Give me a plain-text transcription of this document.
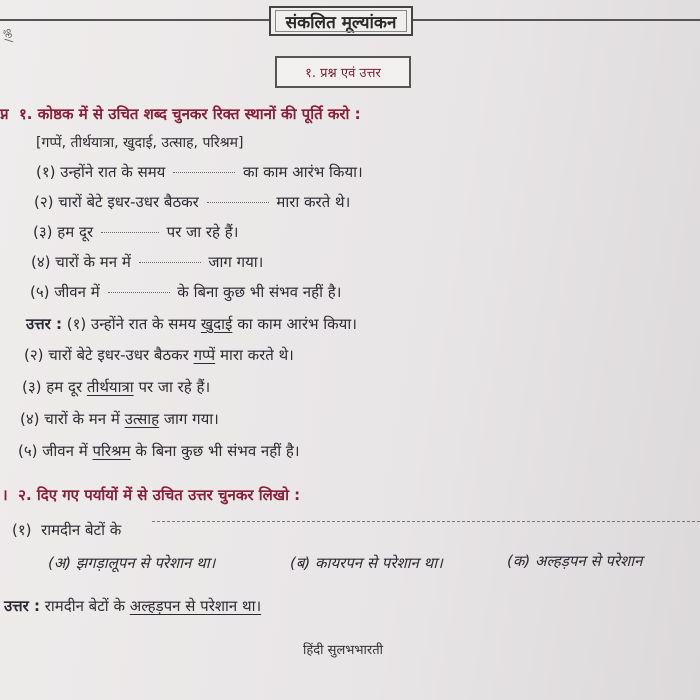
/ॐ
संकलित मूल्यांकन
१. प्रश्न एवं उत्तर
प्न १. कोष्ठक में से उचित शब्द चुनकर रिक्त स्थानों की पूर्ति करो :
[गप्पें, तीर्थयात्रा, खुदाई, उत्साह, परिश्रम]
(१) उन्होंने रात के समय	का काम आरंभ किया।
(२) चारों बेटे इधर-उधर बैठकर	मारा करते थे।
(३) हम दूर	पर जा रहे हैं।
(४) चारों के मन में	जाग गया।
(५) जीवन में	के बिना कुछ भी संभव नहीं है।
उत्तर : (१) उन्होंने रात के समय खुदाई का काम आरंभ किया।
(२) चारों बेटे इधर-उधर बैठकर गप्पें मारा करते थे।
(३) हम दूर तीर्थयात्रा पर जा रहे हैं।
(४) चारों के मन में उत्साह जाग गया।
(५) जीवन में परिश्रम के बिना कुछ भी संभव नहीं है।
। २. दिए गए पर्यायों में से उचित उत्तर चुनकर लिखो :
(१) रामदीन बेटों के
(अ) झगड़ालूपन से परेशान था।	(ब) कायरपन से परेशान था।	(क) अल्हड़पन से परेशान
उत्तर : रामदीन बेटों के अल्हड़पन से परेशान था।
हिंदी सुलभभारती
